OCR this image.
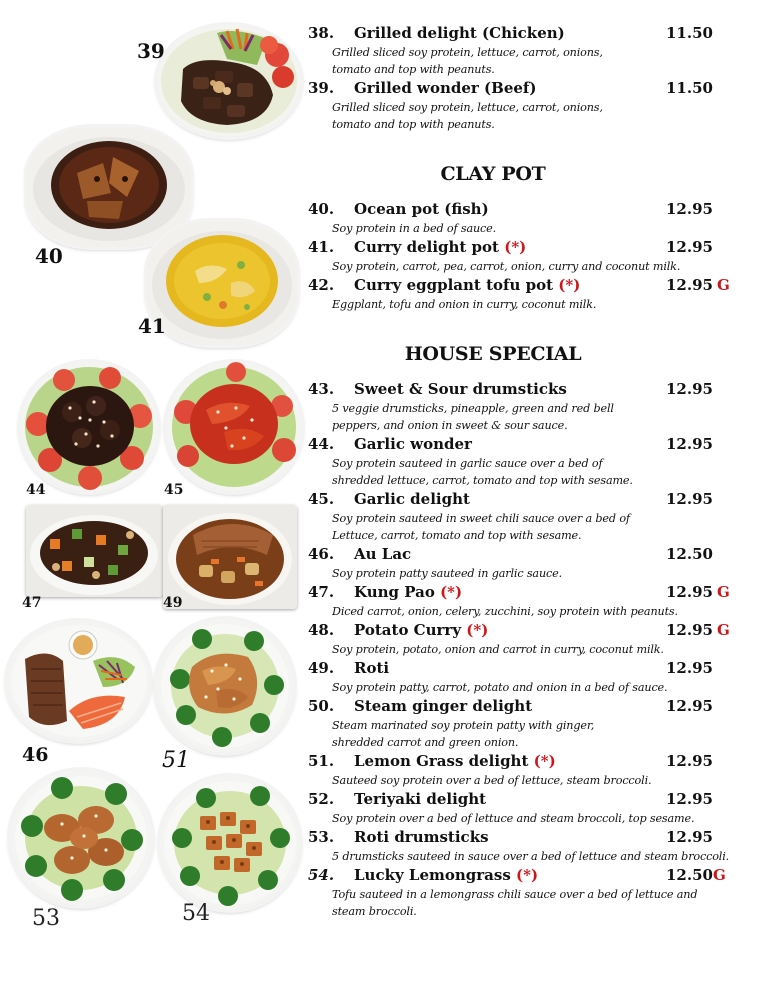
39
40
41
44	45
47	49
46	51
53	54
38. Grilled delight (Chicken)	11.50
Grilled sliced soy protein, lettuce, carrot, onions,
tomato and top with peanuts.
39. Grilled wonder (Beef)	11.50
Grilled sliced soy protein, lettuce, carrot, onions,
tomato and top with peanuts.
CLAY POT
40. Ocean pot (fish)	12.95
Soy protein in a bed of sauce.
41. Curry delight pot (*)	12.95
Soy protein, carrot, pea, carrot, onion, curry and coconut milk.
42. Curry eggplant tofu pot (*)	12.95 G
Eggplant, tofu and onion in curry, coconut milk.
HOUSE SPECIAL
43. Sweet & Sour drumsticks	12.95
5 veggie drumsticks, pineapple, green and red bell
peppers, and onion in sweet & sour sauce.
44. Garlic wonder	12.95
Soy protein sauteed in garlic sauce over a bed of
shredded lettuce, carrot, tomato and top with sesame.
45. Garlic delight	12.95
Soy protein sauteed in sweet chili sauce over a bed of
Lettuce, carrot, tomato and top with sesame.
46. Au Lac	12.50
Soy protein patty sauteed in garlic sauce.
47. Kung Pao (*)	12.95 G
Diced carrot, onion, celery, zucchini, soy protein with peanuts.
48. Potato Curry (*)	12.95 G
Soy protein, potato, onion and carrot in curry, coconut milk.
49. Roti	12.95
Soy protein patty, carrot, potato and onion in a bed of sauce.
50. Steam ginger delight	12.95
Steam marinated soy protein patty with ginger,
shredded carrot and green onion.
51. Lemon Grass delight (*)	12.95
Sauteed soy protein over a bed of lettuce, steam broccoli.
52. Teriyaki delight	12.95
Soy protein over a bed of lettuce and steam broccoli, top sesame.
53. Roti drumsticks	12.95
5 drumsticks sauteed in sauce over a bed of lettuce and steam broccoli.
54. Lucky Lemongrass (*)	12.50G
Tofu sauteed in a lemongrass chili sauce over a bed of lettuce and
steam broccoli.
